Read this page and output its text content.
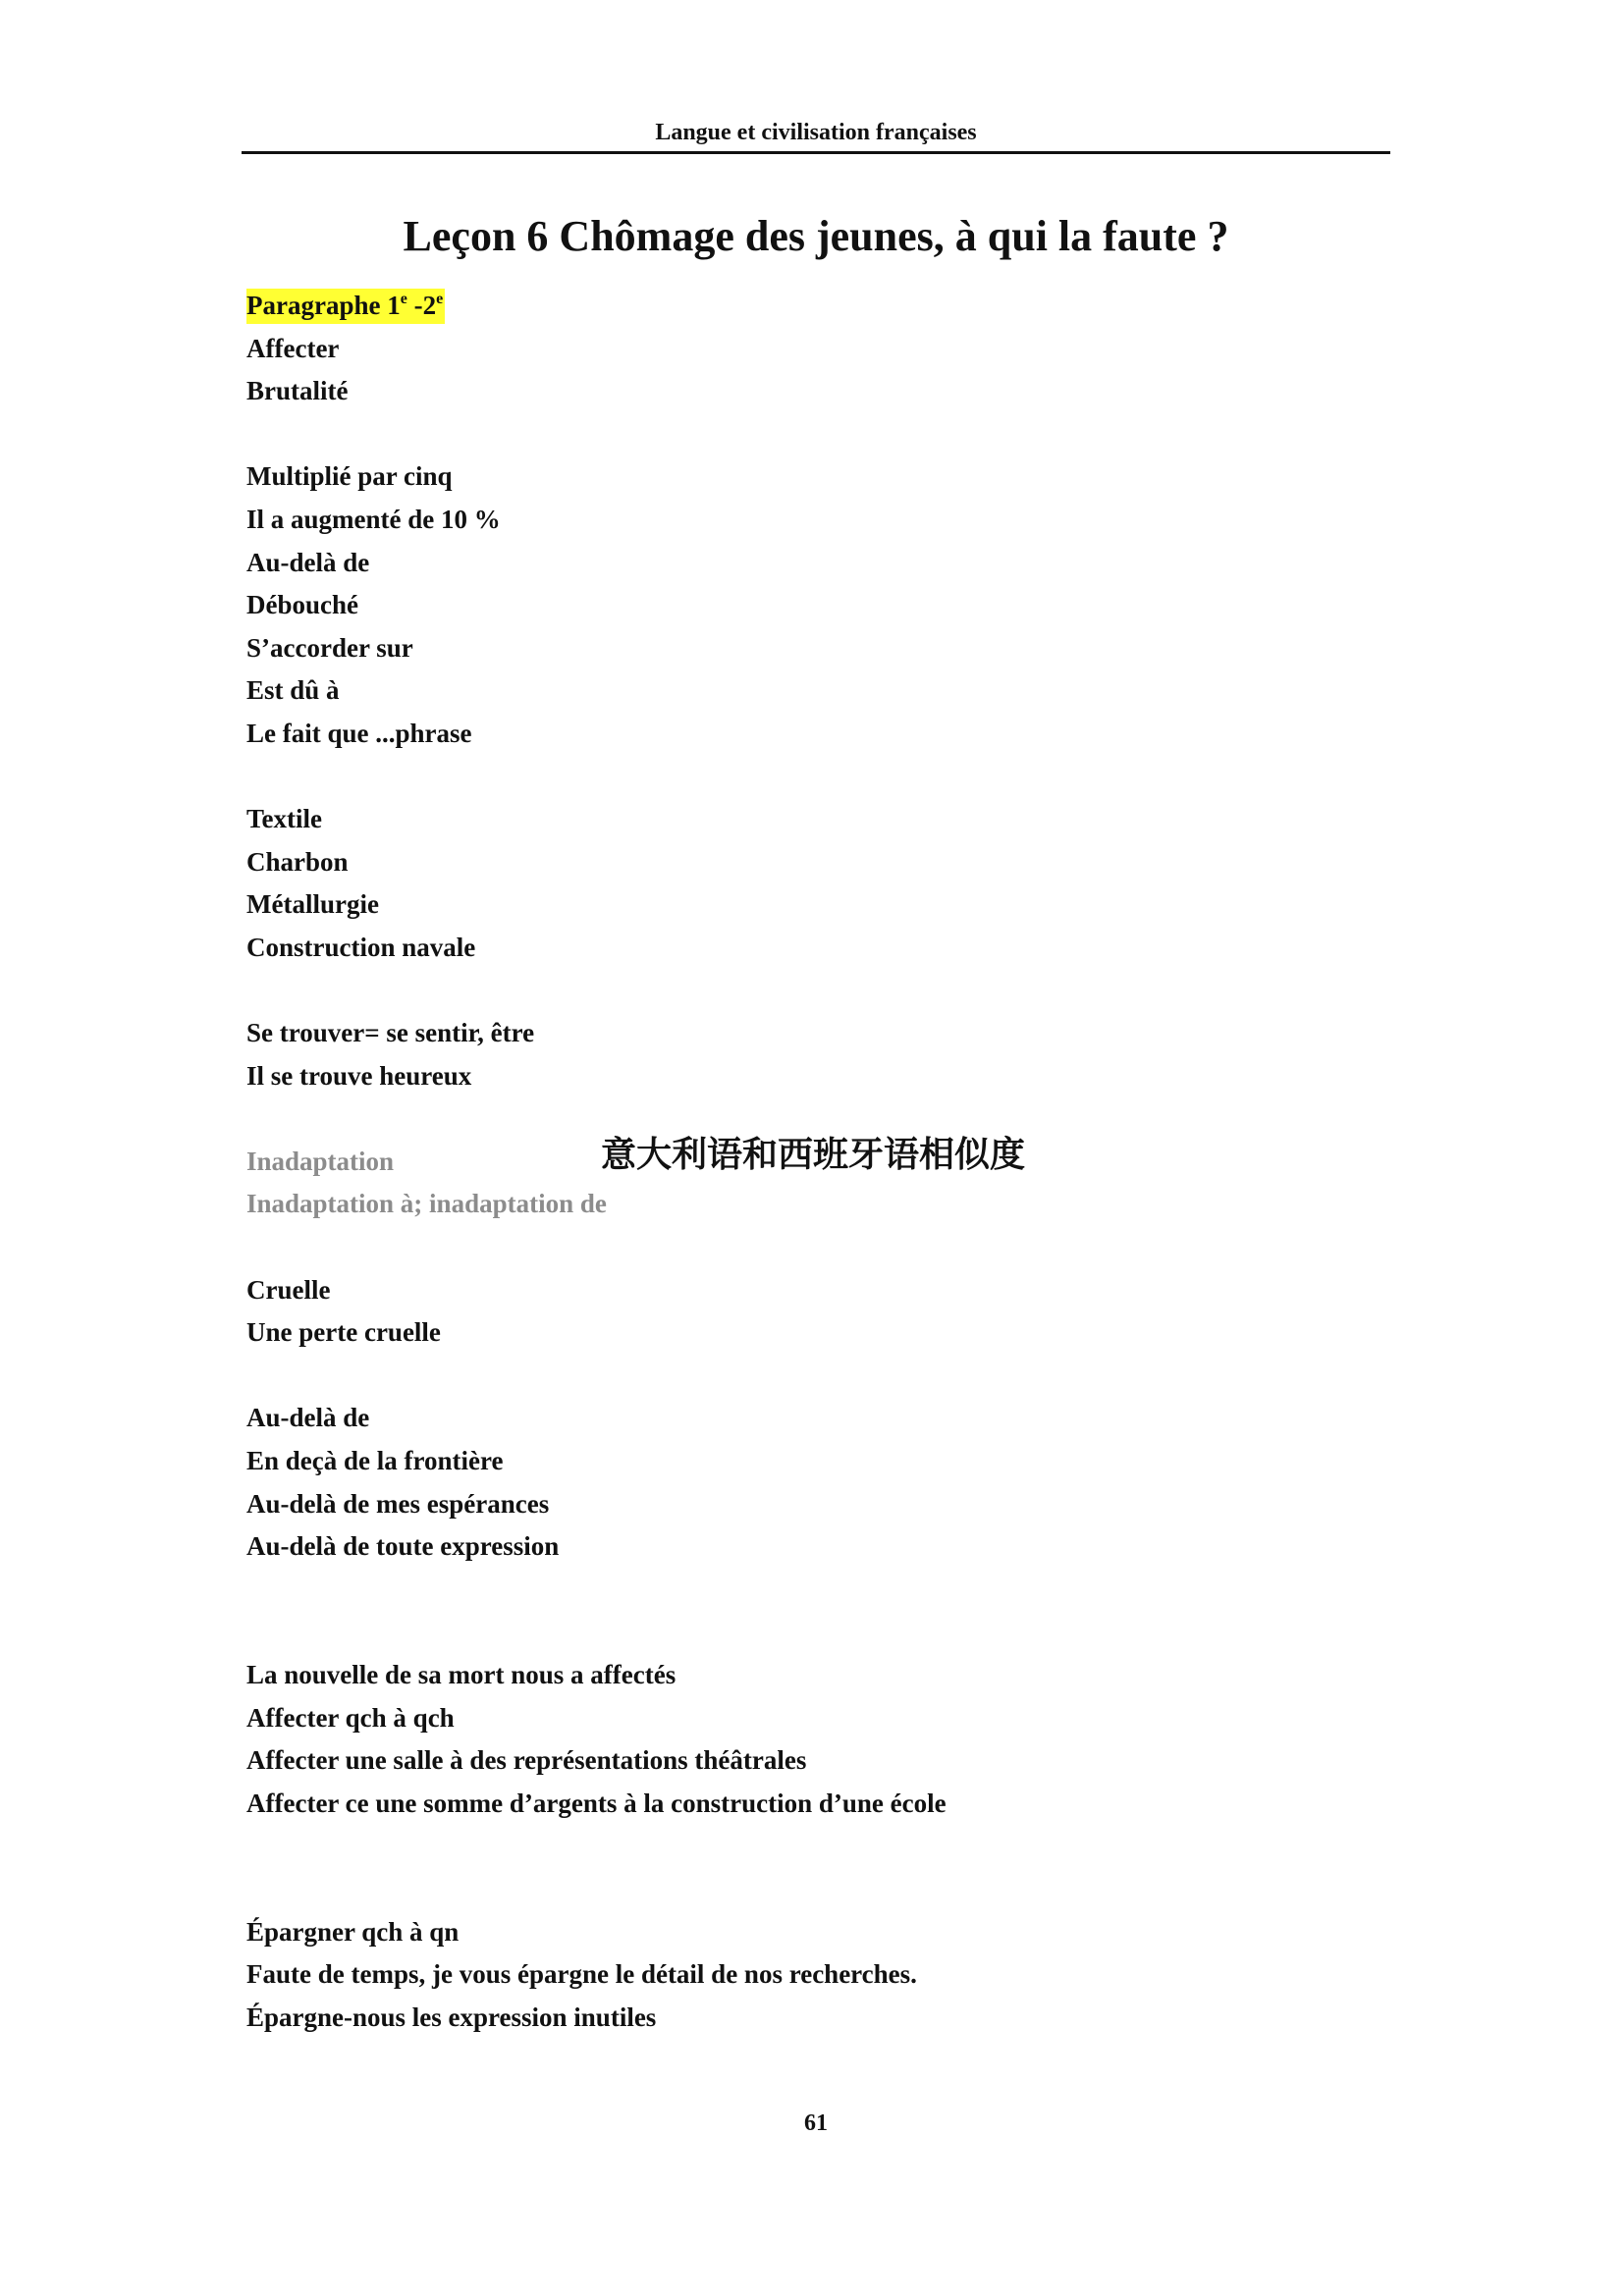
Langue et civilisation françaises
Leçon 6 Chômage des jeunes, à qui la faute ?
Paragraphe 1e -2e
Affecter
Brutalité
Multiplié par cinq
Il a augmenté de 10 %
Au-delà de
Débouché
S’accorder sur
Est dû à
Le fait que ...phrase
Textile
Charbon
Métallurgie
Construction navale
Se trouver= se sentir, être
Il se trouve heureux
Inadaptation
Inadaptation à; inadaptation de
Cruelle
Une perte cruelle
Au-delà de
En deçà de la frontière
Au-delà de mes espérances
Au-delà de toute expression
La nouvelle de sa mort nous a affectés
Affecter qch à qch
Affecter une salle à des représentations théâtrales
Affecter ce une somme d’argents à la construction d’une école
Épargner qch à qn
Faute de temps, je vous épargne le détail de nos recherches.
Épargne-nous les expression inutiles
意大利语和西班牙语相似度
61
